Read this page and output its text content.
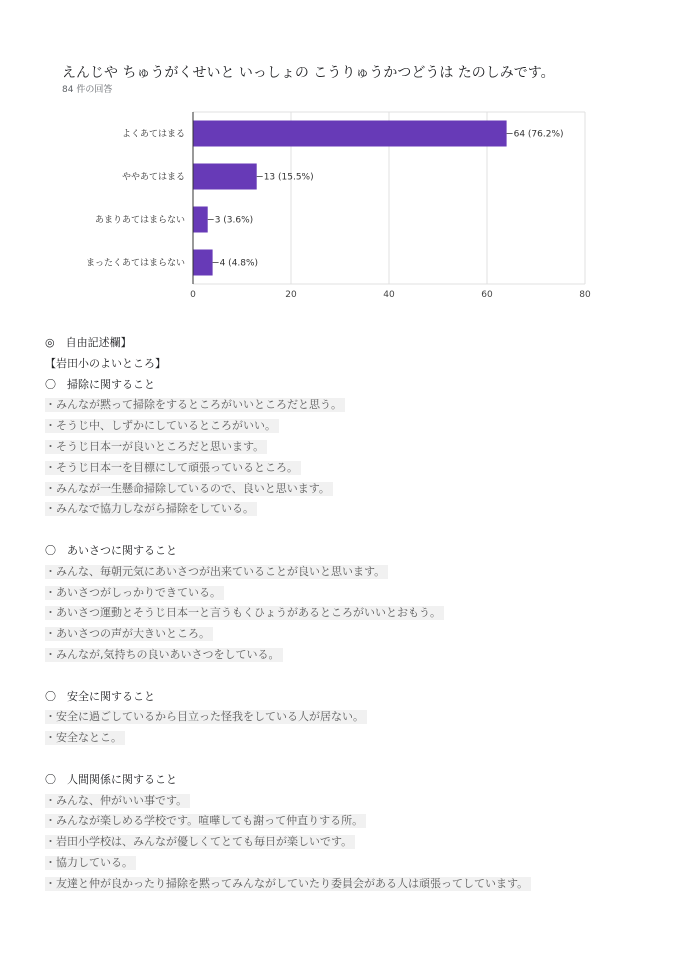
えんじや ちゅうがくせいと いっしょの こうりゅうかつどうは たのしみです。
84 件の回答
0	20	40	60	80
よくあてはまる	64 (76.2%)
ややあてはまる	13 (15.5%)
あまりあてはまらない	3 (3.6%)
まったくあてはまらない	4 (4.8%)
◎　自由記述欄】
【岩田小のよいところ】
〇　掃除に関すること
・みんなが黙って掃除をするところがいいところだと思う。
・そうじ中、しずかにしているところがいい。
・そうじ日本一が良いところだと思います。
・そうじ日本一を目標にして頑張っているところ。
・みんなが一生懸命掃除しているので、良いと思います。
・みんなで協力しながら掃除をしている。
〇　あいさつに関すること
・みんな、毎朝元気にあいさつが出来ていることが良いと思います。
・あいさつがしっかりできている。
・あいさつ運動とそうじ日本一と言うもくひょうがあるところがいいとおもう。
・あいさつの声が大きいところ。
・みんなが,気持ちの良いあいさつをしている。
〇　安全に関すること
・安全に過ごしているから目立った怪我をしている人が居ない。
・安全なとこ。
〇　人間関係に関すること
・みんな、仲がいい事です。
・みんなが楽しめる学校です。喧嘩しても謝って仲直りする所。
・岩田小学校は、みんなが優しくてとても毎日が楽しいです。
・協力している。
・友達と仲が良かったり掃除を黙ってみんながしていたり委員会がある人は頑張ってしています。
